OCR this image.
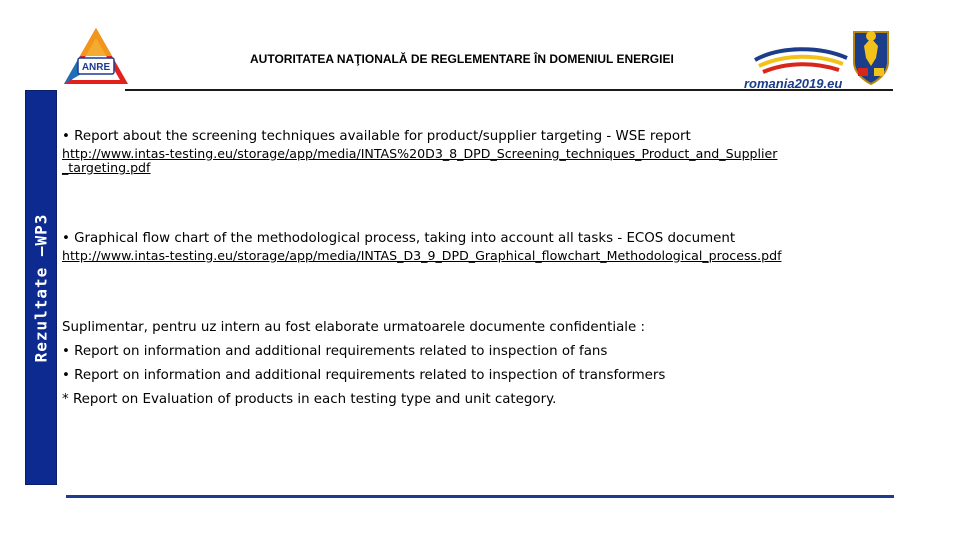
ANRE
AUTORITATEA NAŢIONALĂ DE REGLEMENTARE ÎN DOMENIUL ENERGIEI
romania2019.eu
Rezultate –WP3
• Report about the screening techniques available for product/supplier targeting - WSE report
http://www.intas-testing.eu/storage/app/media/INTAS%20D3_8_DPD_Screening_techniques_Product_and_Supplier_targeting.pdf
• Graphical flow chart of the methodological process, taking into account all tasks - ECOS document
http://www.intas-testing.eu/storage/app/media/INTAS_D3_9_DPD_Graphical_flowchart_Methodological_process.pdf
Suplimentar, pentru uz intern au fost elaborate urmatoarele documente confidentiale :
• Report on information and additional requirements related to inspection of fans
• Report on information and additional requirements related to inspection of transformers
* Report on Evaluation of products in each testing type and unit category.
